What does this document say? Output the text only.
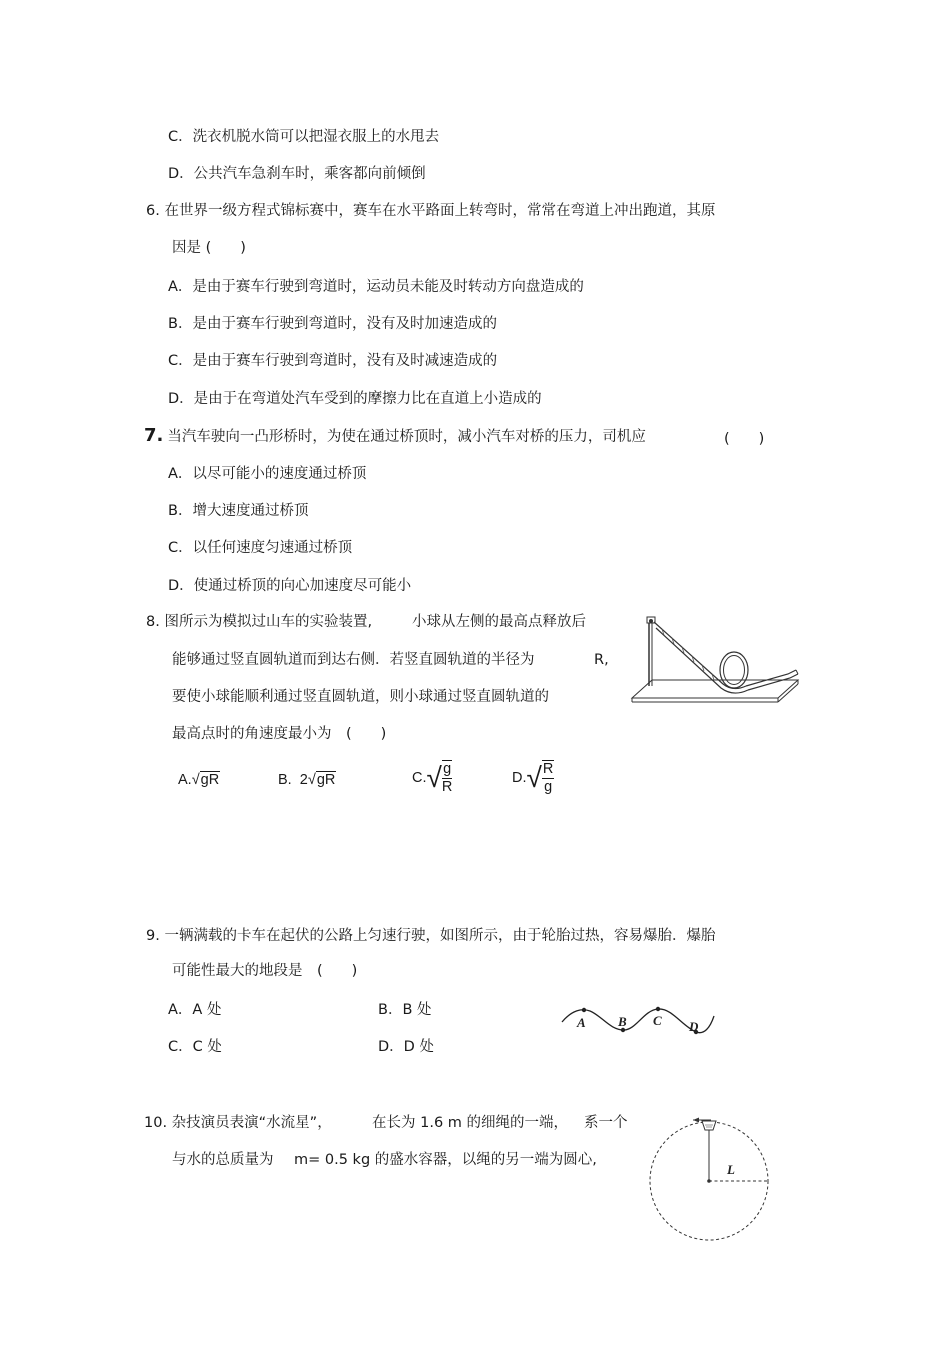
C．洗衣机脱水筒可以把湿衣服上的水甩去
D．公共汽车急刹车时，乘客都向前倾倒
6. 在世界一级方程式锦标赛中，赛车在水平路面上转弯时，常常在弯道上冲出跑道，其原
因是 (　　)
A．是由于赛车行驶到弯道时，运动员未能及时转动方向盘造成的
B．是由于赛车行驶到弯道时，没有及时加速造成的
C．是由于赛车行驶到弯道时，没有及时减速造成的
D．是由于在弯道处汽车受到的摩擦力比在直道上小造成的
7. 当汽车驶向一凸形桥时，为使在通过桥顶时，减小汽车对桥的压力，司机应	(　　)
A．以尽可能小的速度通过桥顶
B．增大速度通过桥顶
C．以任何速度匀速通过桥顶
D．使通过桥顶的向心加速度尽可能小
8. 图所示为模拟过山车的实验装置,	小球从左侧的最高点释放后
能够通过竖直圆轨道而到达右侧．若竖直圆轨道的半径为	R,
要使小球能顺利通过竖直圆轨道，则小球通过竖直圆轨道的
最高点时的角速度最小为　(　　)
A.√gR	B. 2√gR	$C.√ \frac{g}{R}$	$D.√ \frac{R}{g}$
9. 一辆满载的卡车在起伏的公路上匀速行驶，如图所示，由于轮胎过热，容易爆胎．爆胎
可能性最大的地段是　(　　)
A．A 处	B．B 处
C．C 处	D．D 处
A B C D
10. 杂技演员表演“水流星”，	在长为 1.6 m 的细绳的一端， 系一个
与水的总质量为 m= 0.5 kg 的盛水容器，以绳的另一端为圆心,
L
